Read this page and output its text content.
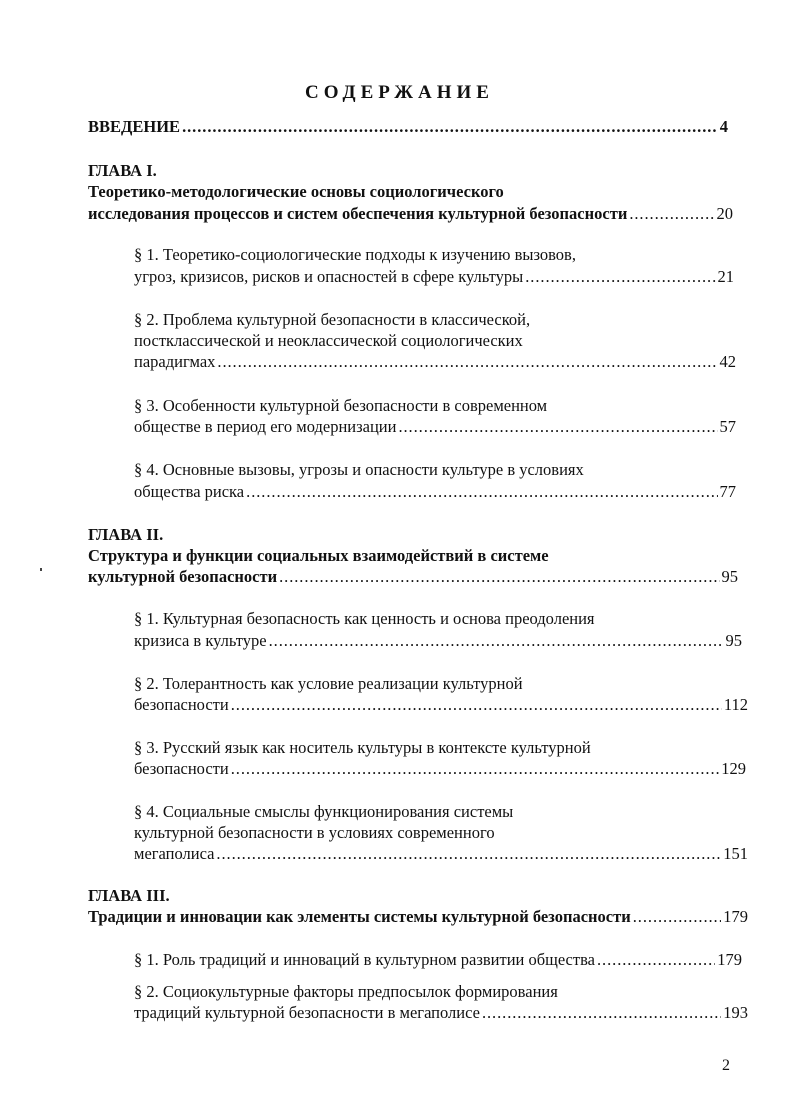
СОДЕРЖАНИЕ
ВВЕДЕНИЕ . . .	4
ГЛАВА I.
Теоретико-методологические основы социологического
исследования процессов и систем обеспечения культурной безопасности . . .	20
§ 1. Теоретико-социологические подходы к изучению вызовов,
угроз, кризисов, рисков и опасностей в сфере культуры . . .	21
§ 2. Проблема культурной безопасности в классической,
постклассической и неоклассической социологических
парадигмах . . .	42
§ 3. Особенности культурной безопасности в современном
обществе в период его модернизации . . .	57
§ 4. Основные вызовы, угрозы и опасности культуре в условиях
общества риска . . .	77
ГЛАВА II.
Структура и функции социальных взаимодействий в системе
культурной безопасности . . .	95
§ 1. Культурная безопасность как ценность и основа преодоления
кризиса в культуре . . .	95
§ 2. Толерантность как условие реализации культурной
безопасности . . .	112
§ 3. Русский язык как носитель культуры в контексте культурной
безопасности . . .	129
§ 4. Социальные смыслы функционирования системы
культурной безопасности в условиях современного
мегаполиса . . .	151
ГЛАВА III.
Традиции и инновации как элементы системы культурной безопасности . . .	179
§ 1. Роль традиций и инноваций в культурном развитии общества . . .	179
§ 2. Социокультурные факторы предпосылок формирования
традиций культурной безопасности в мегаполисе . . .	193
2
